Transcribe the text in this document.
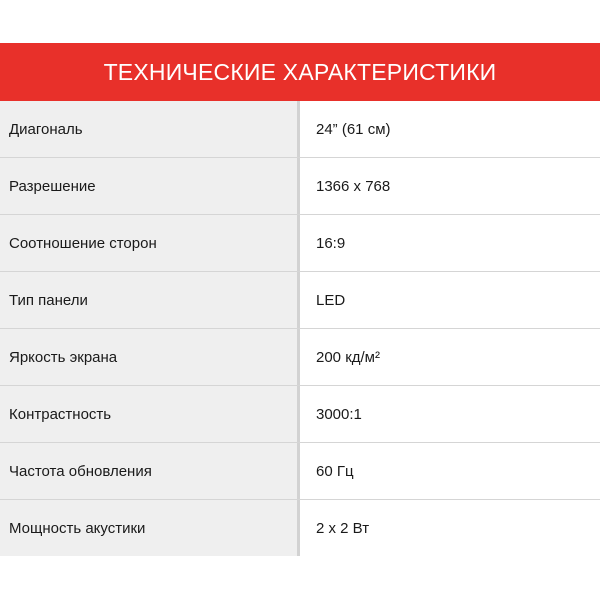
ТЕХНИЧЕСКИЕ ХАРАКТЕРИСТИКИ
Диагональ	24” (61 см)
Разрешение	1366 x 768
Соотношение сторон	16:9
Тип панели	LED
Яркость экрана	200 кд/м²
Контрастность	3000:1
Частота обновления	60 Гц
Мощность акустики	2 x 2 Вт
